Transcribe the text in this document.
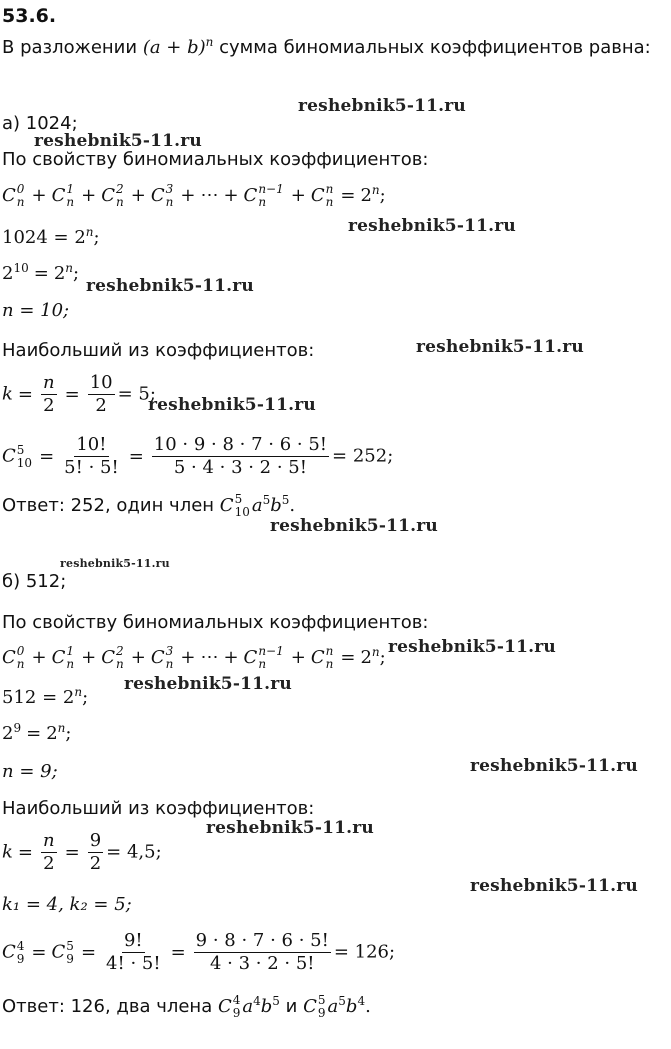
53.6.
В разложении $(a + b)^n$ сумма биномиальных коэффициентов равна:
а) 1024;
По свойству биномиальных коэффициентов:
C 0
n + C 1
n + C 2
n + C 3
n + ⋯ + C n−1
n	+ C n
$n = 2^n$;
$1024 = 2^n$;
$2^{10} = 2^n$;
n = 10;
Наибольший из коэффициентов:
$k = \frac{n}{2} = \frac{10}{2} = 5$;
C 5
$10 = \frac{10!}{5! \cdot 5!} = \frac{10 \cdot 9 \cdot 8 \cdot 7 \cdot 6 \cdot 5!}{5 \cdot 4 \cdot 3 \cdot 2 \cdot 5!} = 252$;
Ответ: 252, один член C 5
10 $a^5b^5$.
б) 512;
По свойству биномиальных коэффициентов:
C 0
n + C 1
n + C 2
n + C 3
n + ⋯ + C n−1
n	+ C n
$n = 2^n$;
$512 = 2^n$;
$2^9 = 2^n$;
n = 9;
Наибольший из коэффициентов:
$k = \frac{n}{2} = \frac{9}{2} = 4,5$;
k₁ = 4, k₂ = 5;
C 4
9 = C 5
$9 = \frac{9!}{4! \cdot 5!} = \frac{9 \cdot 8 \cdot 7 \cdot 6 \cdot 5!}{4 \cdot 3 \cdot 2 \cdot 5!} = 126$;
Ответ: 126, два члена C 4
9 $a^4b^5$ и C 5
9 $a^5b^4$.
reshebnik5-11.ru
reshebnik5-11.ru
reshebnik5-11.ru
reshebnik5-11.ru
reshebnik5-11.ru
reshebnik5-11.ru
reshebnik5-11.ru
reshebnik5-11.ru
reshebnik5-11.ru
reshebnik5-11.ru
reshebnik5-11.ru
reshebnik5-11.ru
reshebnik5-11.ru
